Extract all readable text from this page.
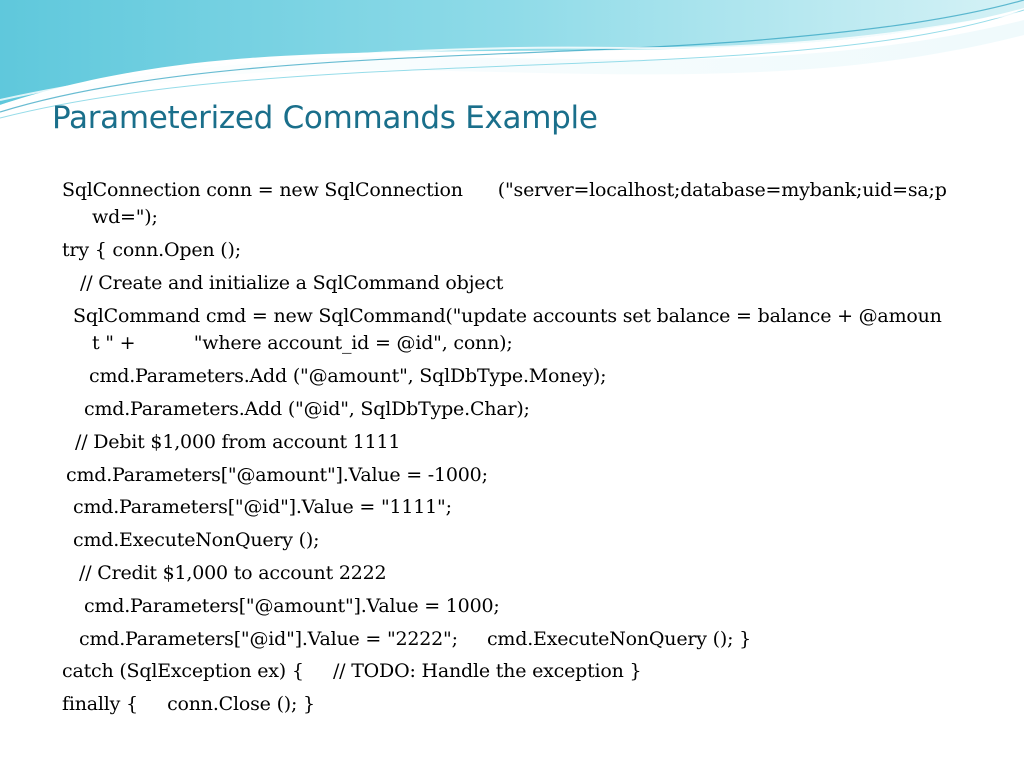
Parameterized Commands Example
SqlConnection conn = new SqlConnection      ("server=localhost;database=mybank;uid=sa;p
wd=");
try { conn.Open ();
// Create and initialize a SqlCommand object
SqlCommand cmd = new SqlCommand("update accounts set balance = balance + @amoun
t " +          "where account_id = @id", conn);
cmd.Parameters.Add ("@amount", SqlDbType.Money);
cmd.Parameters.Add ("@id", SqlDbType.Char);
// Debit $1,000 from account 1111
cmd.Parameters["@amount"].Value = -1000;
cmd.Parameters["@id"].Value = "1111";
cmd.ExecuteNonQuery ();
// Credit $1,000 to account 2222
cmd.Parameters["@amount"].Value = 1000;
cmd.Parameters["@id"].Value = "2222";     cmd.ExecuteNonQuery (); }
catch (SqlException ex) {     // TODO: Handle the exception }
finally {     conn.Close (); }
